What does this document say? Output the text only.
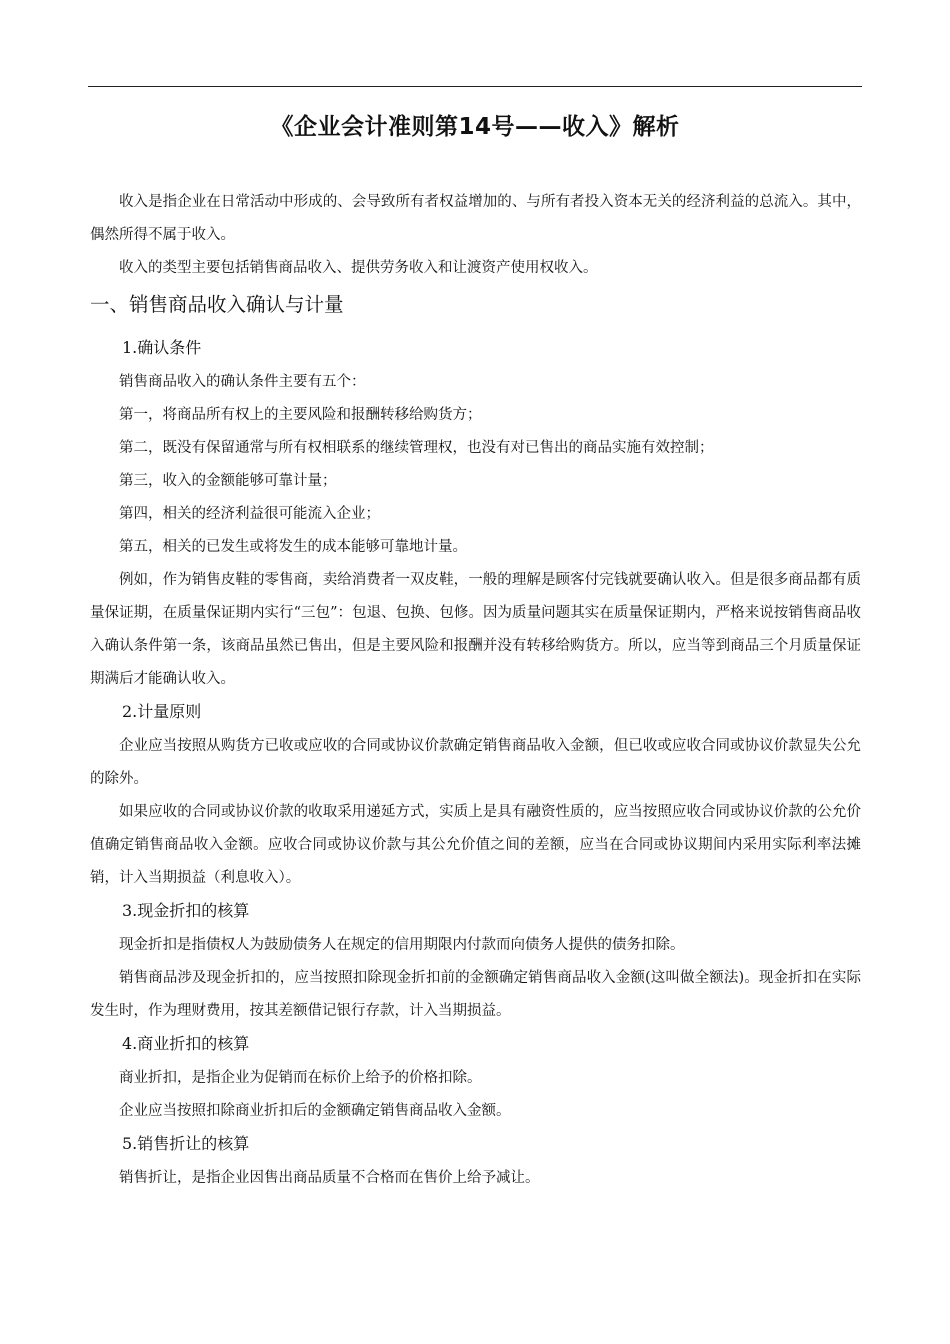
《企业会计准则第14号——收入》解析

收入是指企业在日常活动中形成的、会导致所有者权益增加的、与所有者投入资本无关的经济利益的总流入。其中，偶然所得不属于收入。

收入的类型主要包括销售商品收入、提供劳务收入和让渡资产使用权收入。

一、销售商品收入确认与计量
1.确认条件

销售商品收入的确认条件主要有五个：

第一，将商品所有权上的主要风险和报酬转移给购货方；

第二，既没有保留通常与所有权相联系的继续管理权，也没有对已售出的商品实施有效控制；

第三，收入的金额能够可靠计量；

第四，相关的经济利益很可能流入企业；

第五，相关的已发生或将发生的成本能够可靠地计量。

例如，作为销售皮鞋的零售商，卖给消费者一双皮鞋，一般的理解是顾客付完钱就要确认收入。但是很多商品都有质量保证期，在质量保证期内实行“三包”：包退、包换、包修。因为质量问题其实在质量保证期内，严格来说按销售商品收入确认条件第一条，该商品虽然已售出，但是主要风险和报酬并没有转移给购货方。所以，应当等到商品三个月质量保证期满后才能确认收入。

2.计量原则

企业应当按照从购货方已收或应收的合同或协议价款确定销售商品收入金额，但已收或应收合同或协议价款显失公允的除外。

如果应收的合同或协议价款的收取采用递延方式，实质上是具有融资性质的，应当按照应收合同或协议价款的公允价值确定销售商品收入金额。应收合同或协议价款与其公允价值之间的差额，应当在合同或协议期间内采用实际利率法摊销，计入当期损益（利息收入）。

3.现金折扣的核算

现金折扣是指债权人为鼓励债务人在规定的信用期限内付款而向债务人提供的债务扣除。

销售商品涉及现金折扣的，应当按照扣除现金折扣前的金额确定销售商品收入金额(这叫做全额法)。现金折扣在实际发生时，作为理财费用，按其差额借记银行存款，计入当期损益。

4.商业折扣的核算

商业折扣，是指企业为促销而在标价上给予的价格扣除。

企业应当按照扣除商业折扣后的金额确定销售商品收入金额。

5.销售折让的核算

销售折让，是指企业因售出商品质量不合格而在售价上给予减让。
